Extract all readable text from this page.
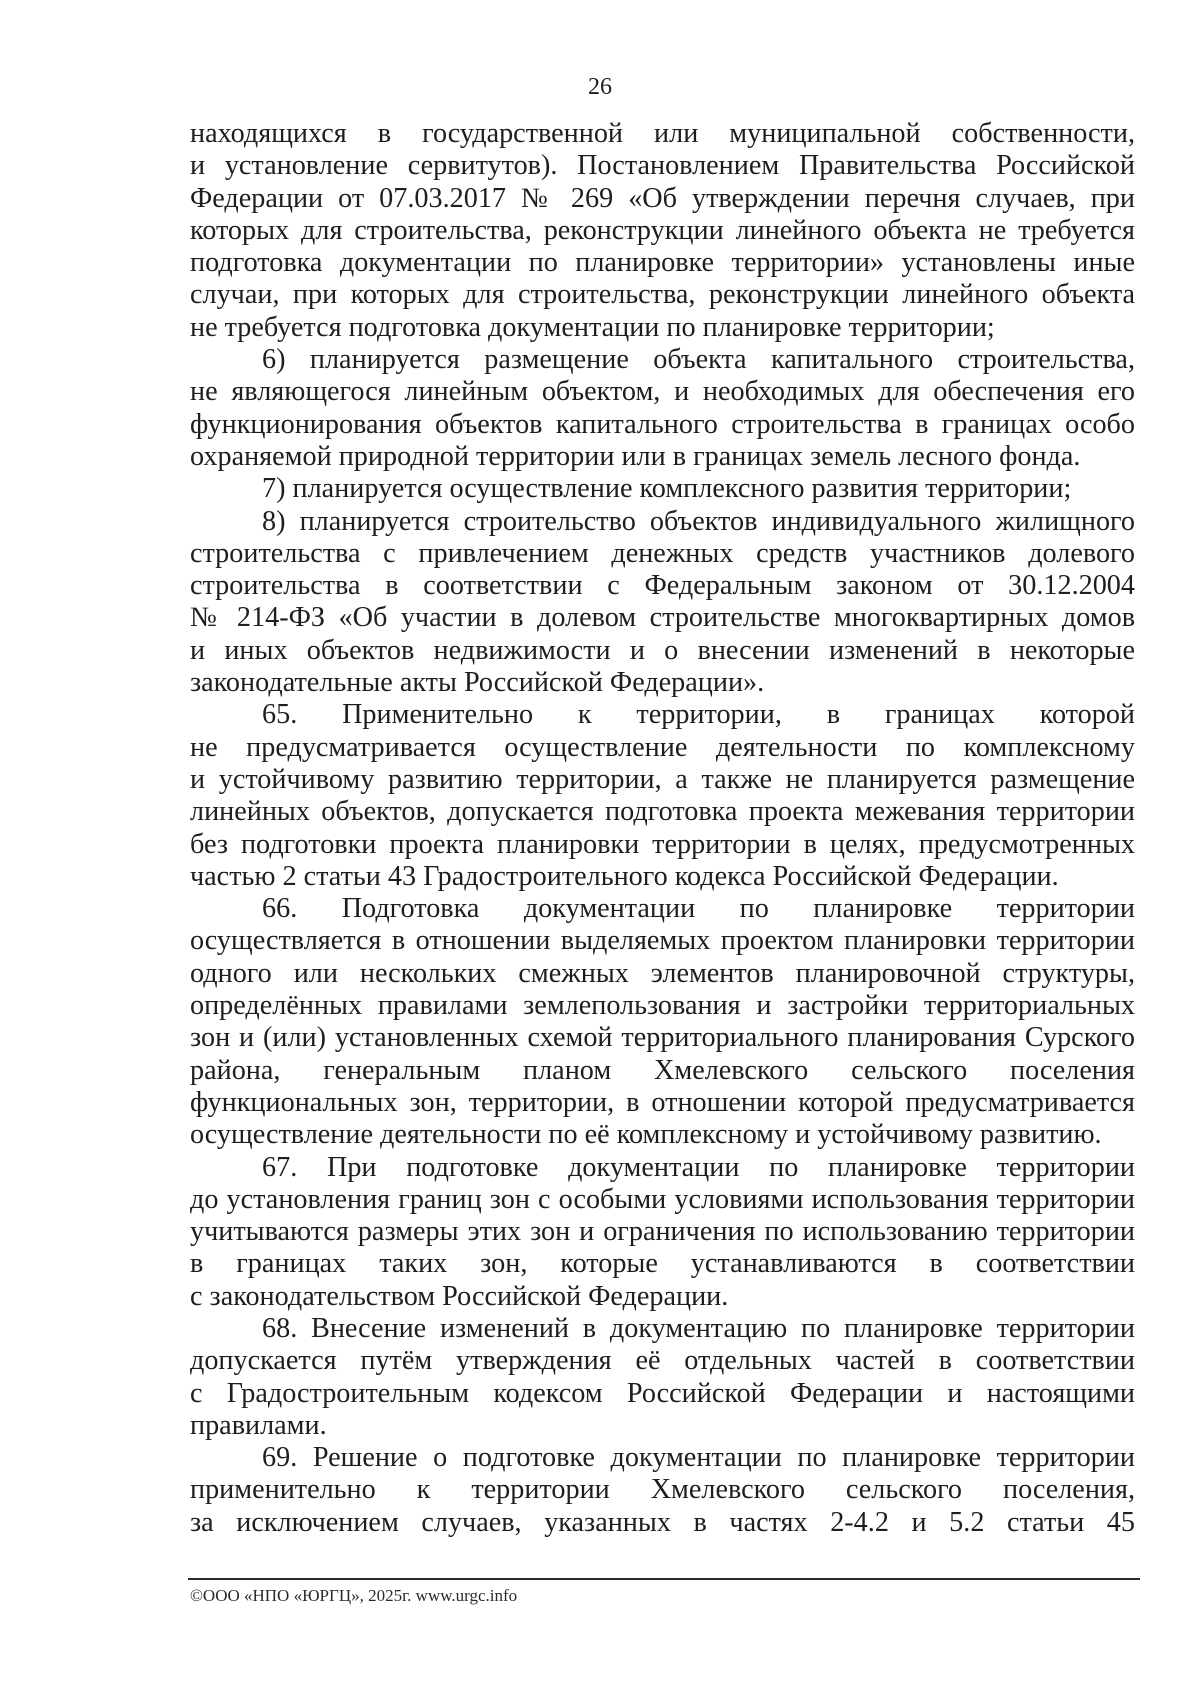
26

находящихся в государственной или муниципальной собственности,

и установление сервитутов). Постановлением Правительства Российской

Федерации от 07.03.2017 № 269 «Об утверждении перечня случаев, при

которых для строительства, реконструкции линейного объекта не требуется

подготовка документации по планировке территории» установлены иные

случаи, при которых для строительства, реконструкции линейного объекта

не требуется подготовка документации по планировке территории;

6) планируется размещение объекта капитального строительства,

не являющегося линейным объектом, и необходимых для обеспечения его

функционирования объектов капитального строительства в границах особо

охраняемой природной территории или в границах земель лесного фонда.

7) планируется осуществление комплексного развития территории;

8) планируется строительство объектов индивидуального жилищного

строительства с привлечением денежных средств участников долевого

строительства в соответствии с Федеральным законом от 30.12.2004

№ 214-ФЗ «Об участии в долевом строительстве многоквартирных домов

и иных объектов недвижимости и о внесении изменений в некоторые

законодательные акты Российской Федерации».

65. Применительно к территории, в границах которой

не предусматривается осуществление деятельности по комплексному

и устойчивому развитию территории, а также не планируется размещение

линейных объектов, допускается подготовка проекта межевания территории

без подготовки проекта планировки территории в целях, предусмотренных

частью 2 статьи 43 Градостроительного кодекса Российской Федерации.

66. Подготовка документации по планировке территории

осуществляется в отношении выделяемых проектом планировки территории

одного или нескольких смежных элементов планировочной структуры,

определённых правилами землепользования и застройки территориальных

зон и (или) установленных схемой территориального планирования Сурского

района, генеральным планом Хмелевского сельского поселения

функциональных зон, территории, в отношении которой предусматривается

осуществление деятельности по её комплексному и устойчивому развитию.

67. При подготовке документации по планировке территории

до установления границ зон с особыми условиями использования территории

учитываются размеры этих зон и ограничения по использованию территории

в границах таких зон, которые устанавливаются в соответствии

с законодательством Российской Федерации.

68. Внесение изменений в документацию по планировке территории

допускается путём утверждения её отдельных частей в соответствии

с Градостроительным кодексом Российской Федерации и настоящими

правилами.

69. Решение о подготовке документации по планировке территории

применительно к территории Хмелевского сельского поселения,

за исключением случаев, указанных в частях 2-4.2 и 5.2 статьи 45

©ООО «НПО «ЮРГЦ», 2025г. www.urgc.info
